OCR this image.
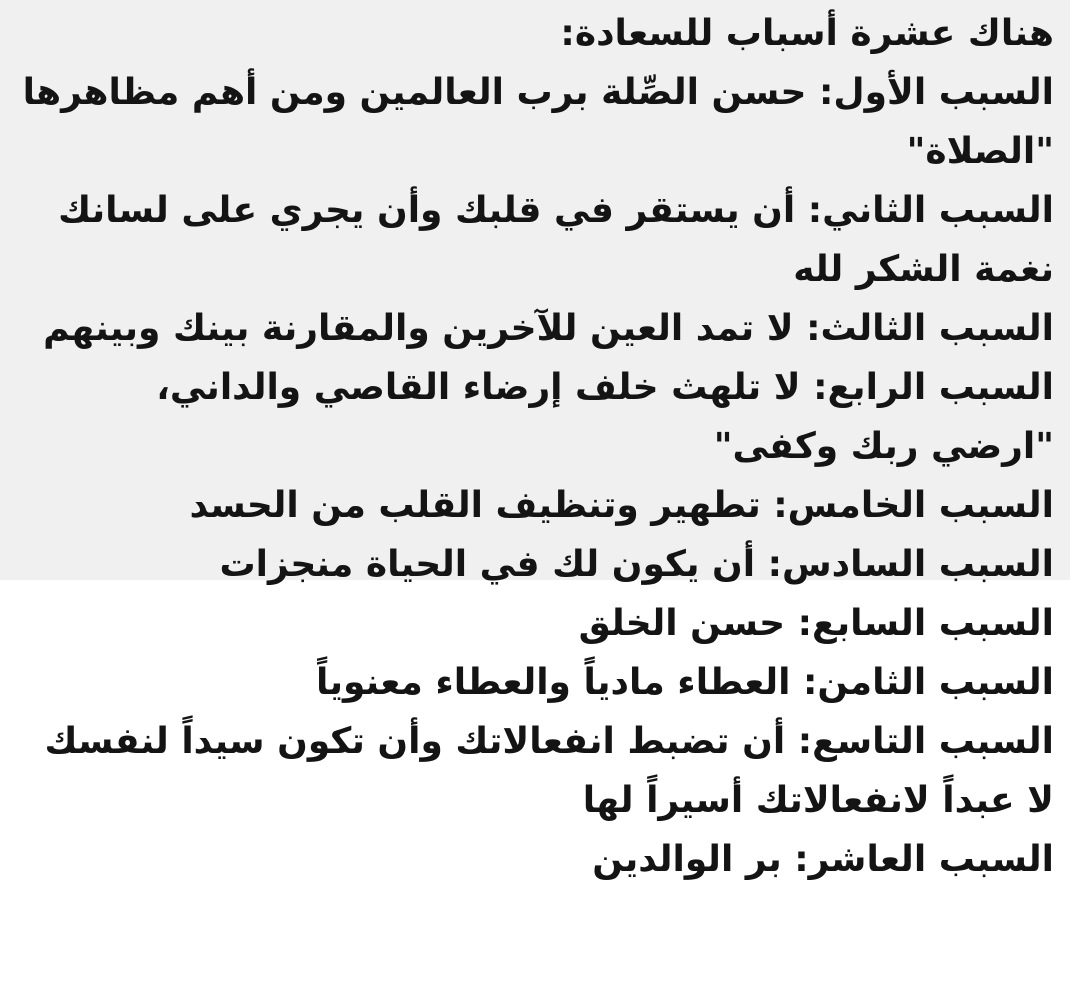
هناك عشرة أسباب للسعادة:
السبب الأول: حسن الصِّلة برب العالمين ومن أهم مظاهرها
"الصلاة"
السبب الثاني: أن يستقر في قلبك وأن يجري على لسانك
نغمة الشكر لله
السبب الثالث: لا تمد العين للآخرين والمقارنة بينك وبينهم
السبب الرابع: لا تلهث خلف إرضاء القاصي والداني،
"ارضي ربك وكفى"
السبب الخامس: تطهير وتنظيف القلب من الحسد
السبب السادس: أن يكون لك في الحياة منجزات
السبب السابع: حسن الخلق
السبب الثامن: العطاء مادياً والعطاء معنوياً
السبب التاسع: أن تضبط انفعالاتك وأن تكون سيداً لنفسك
لا عبداً لانفعالاتك أسيراً لها
السبب العاشر: بر الوالدين
